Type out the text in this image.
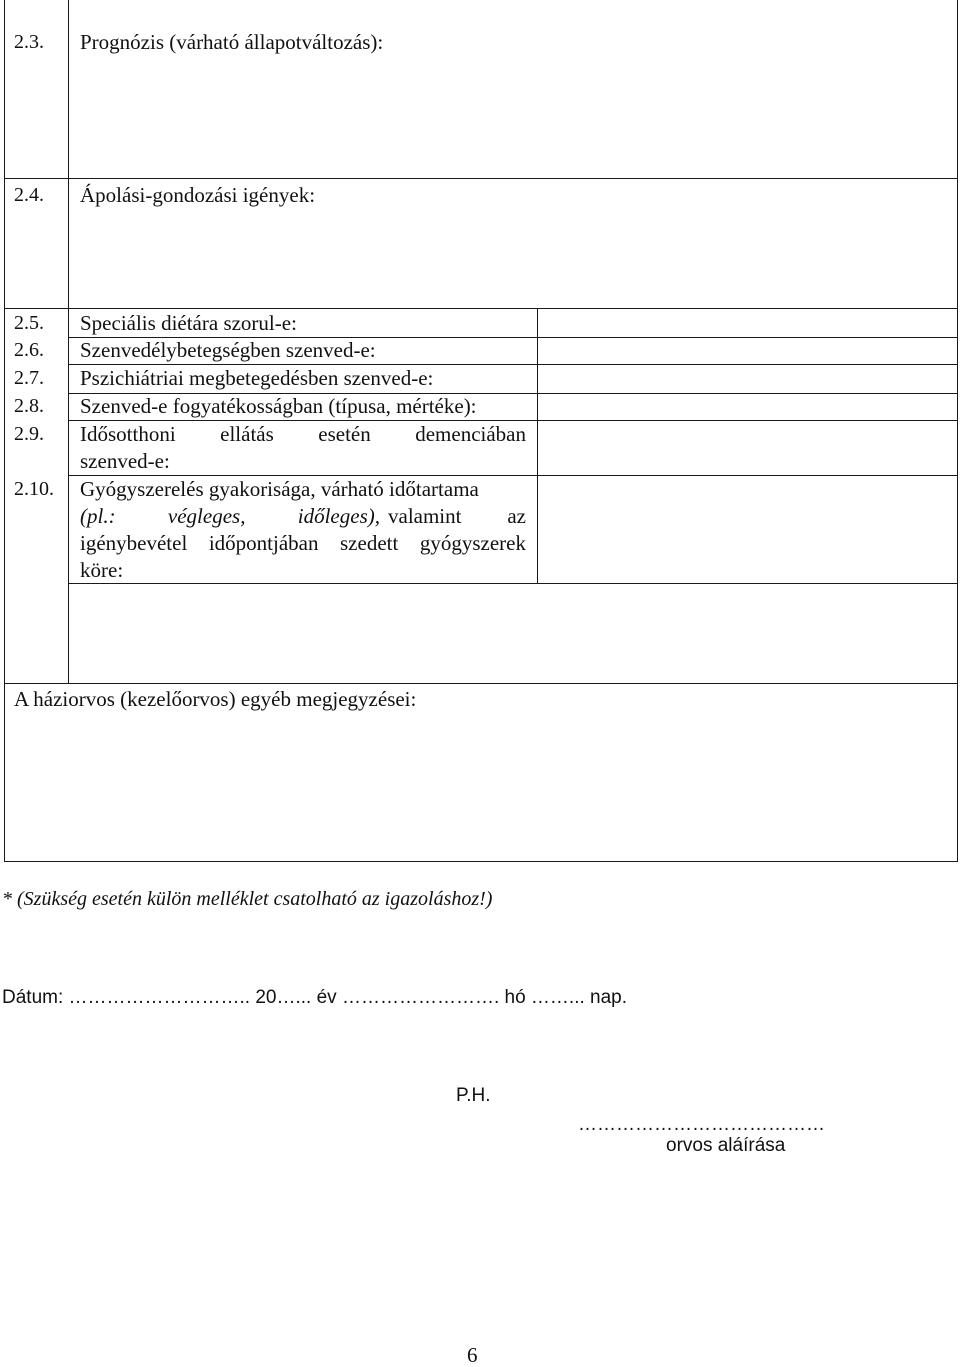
2.3. Prognózis (várható állapotváltozás):
2.4. Ápolási-gondozási igények:
2.5. Speciális diétára szorul-e:
2.6. Szenvedélybetegségben szenved-e:
2.7. Pszichiátriai megbetegedésben szenved-e:
2.8. Szenved-e fogyatékosságban (típusa, mértéke):
2.9. Idősotthoni ellátás esetén demenciában
szenved-e:
2.10. Gyógyszerelés gyakorisága, várható időtartama
(pl.: végleges, időleges), valamint az
igénybevétel időpontjában szedett gyógyszerek
köre:
A háziorvos (kezelőorvos) egyéb megjegyzései:
* (Szükség esetén külön melléklet csatolható az igazoláshoz!)
Dátum: ……………………….. 20…... év ……………………. hó ……... nap.
P.H.
…………………………………
orvos aláírása
6
